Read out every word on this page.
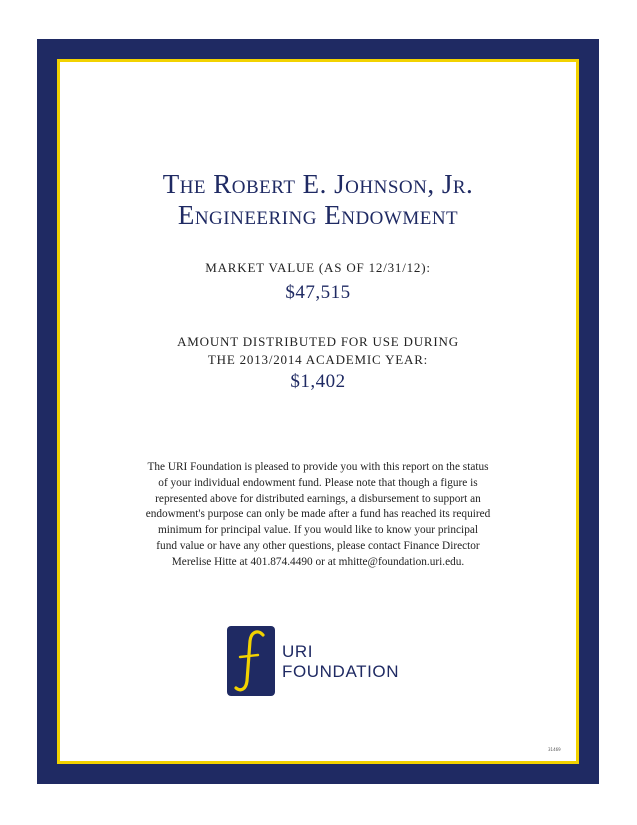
The Robert E. Johnson, Jr.
Engineering Endowment
MARKET VALUE (AS OF 12/31/12):
$47,515
AMOUNT DISTRIBUTED FOR USE DURING
THE 2013/2014 ACADEMIC YEAR:
$1,402
The URI Foundation is pleased to provide you with this report on the status
of your individual endowment fund. Please note that though a figure is
represented above for distributed earnings, a disbursement to support an
endowment's purpose can only be made after a fund has reached its required
minimum for principal value. If you would like to know your principal
fund value or have any other questions, please contact Finance Director
Merelise Hitte at 401.874.4490 or at mhitte@foundation.uri.edu.
URI
FOUNDATION
31469
